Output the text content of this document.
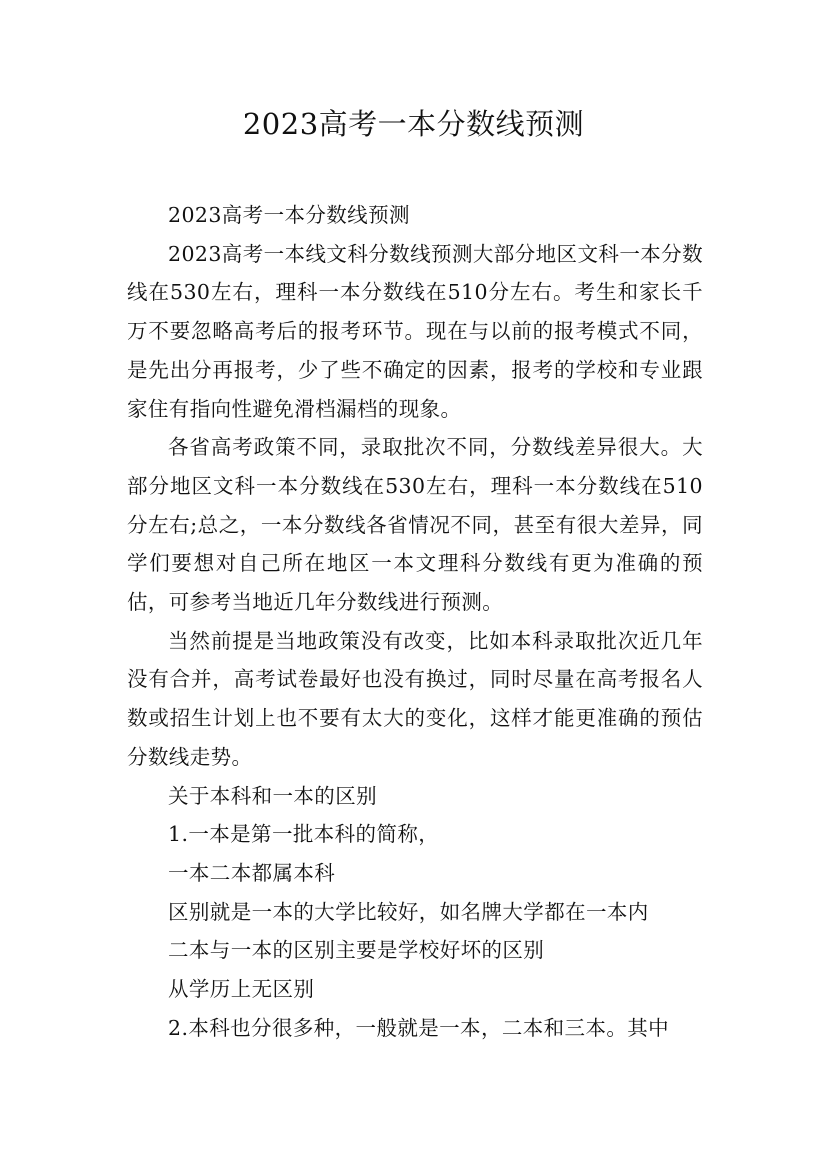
2023高考一本分数线预测

2023高考一本分数线预测

2023高考一本线文科分数线预测大部分地区文科一本分数线在530左右，理科一本分数线在510分左右。考生和家长千万不要忽略高考后的报考环节。现在与以前的报考模式不同，是先出分再报考，少了些不确定的因素，报考的学校和专业跟家住有指向性避免滑档漏档的现象。

各省高考政策不同，录取批次不同，分数线差异很大。大部分地区文科一本分数线在530左右，理科一本分数线在510分左右;总之，一本分数线各省情况不同，甚至有很大差异，同学们要想对自己所在地区一本文理科分数线有更为准确的预估，可参考当地近几年分数线进行预测。

当然前提是当地政策没有改变，比如本科录取批次近几年没有合并，高考试卷最好也没有换过，同时尽量在高考报名人数或招生计划上也不要有太大的变化，这样才能更准确的预估分数线走势。

关于本科和一本的区别

1.一本是第一批本科的简称，

一本二本都属本科

区别就是一本的大学比较好，如名牌大学都在一本内

二本与一本的区别主要是学校好坏的区别

从学历上无区别

2.本科也分很多种，一般就是一本，二本和三本。其中
